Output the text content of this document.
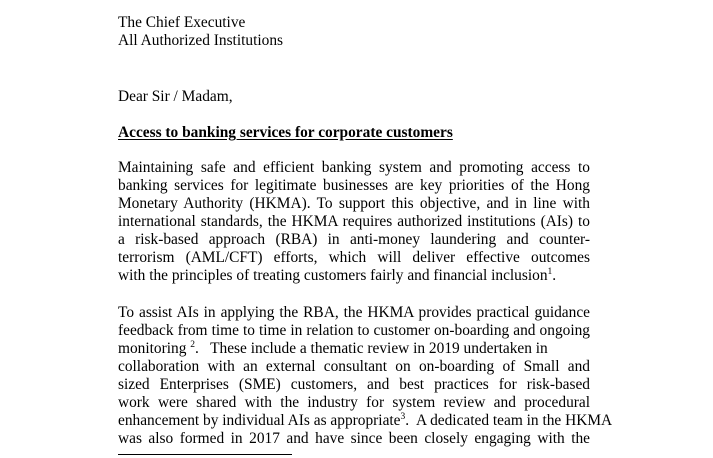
The Chief Executive
All Authorized Institutions
Dear Sir / Madam,
Access to banking services for corporate customers
Maintaining safe and efficient banking system and promoting access to
banking services for legitimate businesses are key priorities of the Hong
Monetary Authority (HKMA). To support this objective, and in line with
international standards, the HKMA requires authorized institutions (AIs) to
a risk-based approach (RBA) in anti-money laundering and counter-
terrorism (AML/CFT) efforts, which will deliver effective outcomes
with the principles of treating customers fairly and financial inclusion$^1$.
To assist AIs in applying the RBA, the HKMA provides practical guidance
feedback from time to time in relation to customer on-boarding and ongoing
monitoring $^2$.   These include a thematic review in 2019 undertaken in
collaboration with an external consultant on on-boarding of Small and
sized Enterprises (SME) customers, and best practices for risk-based
work were shared with the industry for system review and procedural
enhancement by individual AIs as appropriate$^3$.  A dedicated team in the HKMA
was also formed in 2017 and have since been closely engaging with the
